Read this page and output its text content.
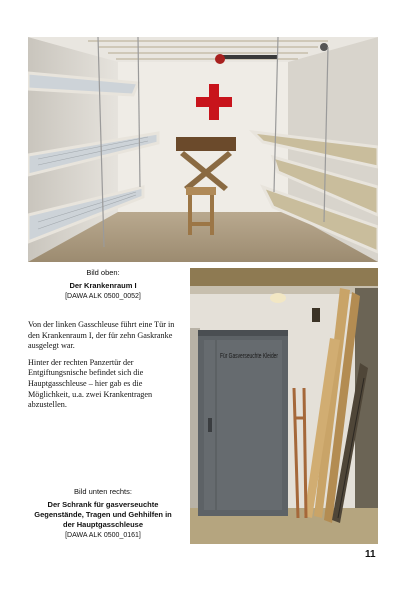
Bild oben:
Der Krankenraum I
[DAWA ALK 0500_0052]

Von der linken Gasschleuse führt eine Tür in den Krankenraum I, der für zehn Gaskranke ausgelegt war.

Hinter der rechten Panzertür der Entgiftungsnische befindet sich die Hauptgasschleuse – hier gab es die Möglichkeit, u.a. zwei Krankentragen abzustellen.

Für Gasverseuchte Kleider
Bild unten rechts:
Der Schrank für gasverseuchte Gegenstände, Tragen und Gehhilfen in der Hauptgasschleuse
[DAWA ALK 0500_0161]
11
